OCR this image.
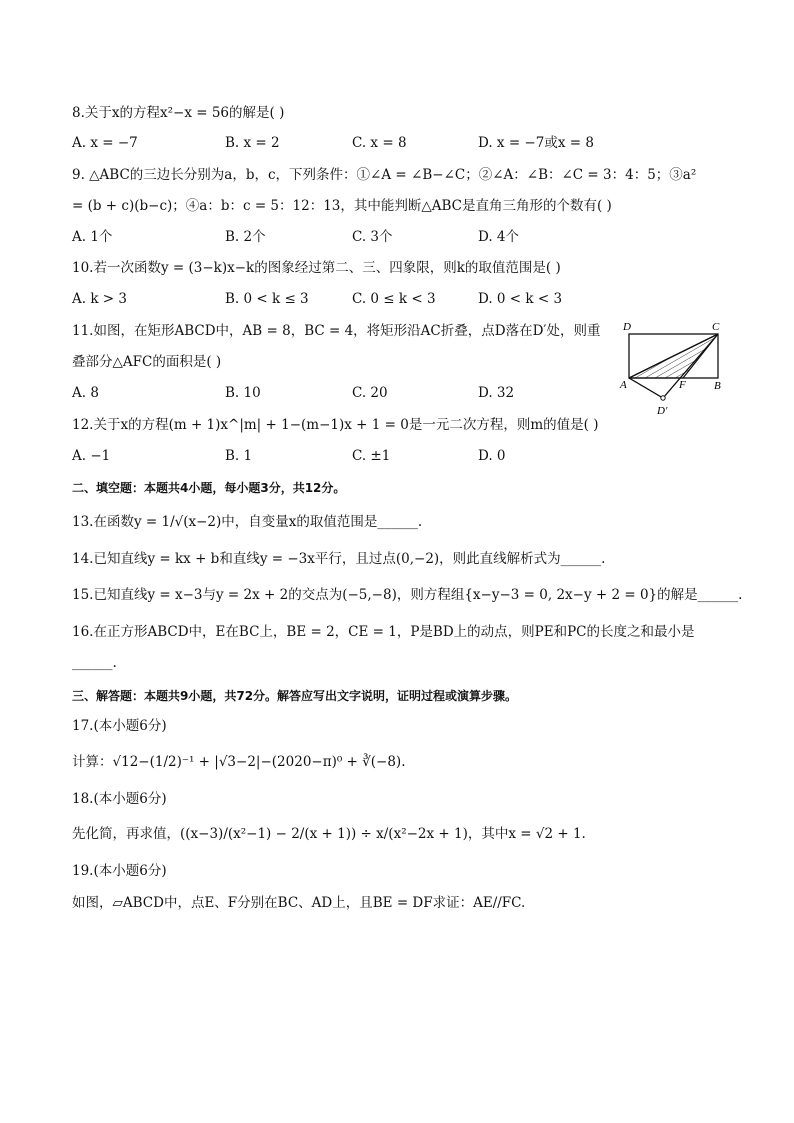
8.关于x的方程x²−x = 56的解是( )
A. x = −7	B. x = 2	C. x = 8	D. x = −7或x = 8
9. △ABC的三边长分别为a，b，c，下列条件：①∠A = ∠B−∠C；②∠A：∠B：∠C = 3：4：5；③a²
= (b + c)(b−c)；④a：b：c = 5：12：13，其中能判断△ABC是直角三角形的个数有( )
A. 1个	B. 2个	C. 3个	D. 4个
10.若一次函数y = (3−k)x−k的图象经过第二、三、四象限，则k的取值范围是( )
A. k > 3	B. 0 < k ≤ 3	C. 0 ≤ k < 3	D. 0 < k < 3
11.如图，在矩形ABCD中，AB = 8，BC = 4，将矩形沿AC折叠，点D落在D′处，则重
叠部分△AFC的面积是( )
A. 8	B. 10	C. 20	D. 32
D	C
A	F	B
D′
12.关于x的方程(m + 1)x^|m| + 1−(m−1)x + 1 = 0是一元二次方程，则m的值是( )
A. −1	B. 1	C. ±1	D. 0
二、填空题：本题共4小题，每小题3分，共12分。
13.在函数y = 1/√(x−2)中，自变量x的取值范围是______.
14.已知直线y = kx + b和直线y = −3x平行，且过点(0,−2)，则此直线解析式为______.
15.已知直线y = x−3与y = 2x + 2的交点为(−5,−8)，则方程组{x−y−3 = 0, 2x−y + 2 = 0}的解是______.
16.在正方形ABCD中，E在BC上，BE = 2，CE = 1，P是BD上的动点，则PE和PC的长度之和最小是
______.
三、解答题：本题共9小题，共72分。解答应写出文字说明，证明过程或演算步骤。
17.(本小题6分)
计算：√12−(1/2)⁻¹ + |√3−2|−(2020−π)⁰ + ∛(−8).
18.(本小题6分)
先化简，再求值，((x−3)/(x²−1) − 2/(x + 1)) ÷ x/(x²−2x + 1)，其中x = √2 + 1.
19.(本小题6分)
如图，▱ABCD中，点E、F分别在BC、AD上，且BE = DF求证：AE//FC.
